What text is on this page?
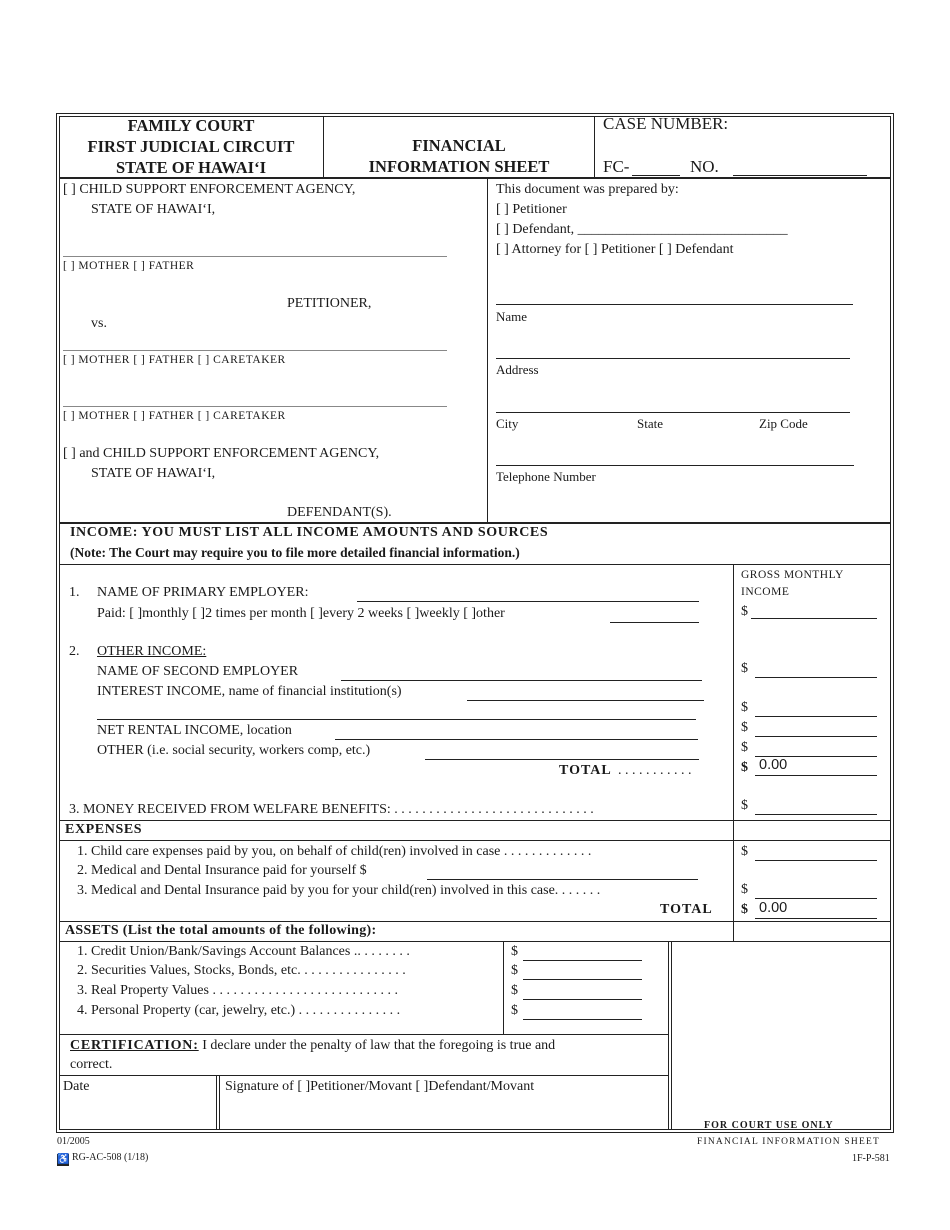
FAMILY COURT
FIRST JUDICIAL CIRCUIT
STATE OF HAWAIʻI
FINANCIAL
INFORMATION SHEET
CASE NUMBER:
FC-	NO.
[ ] CHILD SUPPORT ENFORCEMENT AGENCY,
STATE OF HAWAIʻI,
[ ] MOTHER [ ] FATHER
PETITIONER,
vs.
[ ] MOTHER [ ] FATHER [ ] CARETAKER
[ ] MOTHER [ ] FATHER [ ] CARETAKER
[ ] and CHILD SUPPORT ENFORCEMENT AGENCY,
STATE OF HAWAIʻI,
DEFENDANT(S).
This document was prepared by:
[ ] Petitioner
[ ] Defendant, ______________________________
[ ] Attorney for [ ] Petitioner [ ] Defendant
Name
Address
City	State	Zip Code
Telephone Number
INCOME: YOU MUST LIST ALL INCOME AMOUNTS AND SOURCES
(Note: The Court may require you to file more detailed financial information.)
GROSS MONTHLY
INCOME
1. NAME OF PRIMARY EMPLOYER:
Paid: [ ]monthly [ ]2 times per month [ ]every 2 weeks [ ]weekly [ ]other	$
2. OTHER INCOME:
NAME OF SECOND EMPLOYER	$
INTEREST INCOME, name of financial institution(s)
$
NET RENTAL INCOME, location	$
OTHER (i.e. social security, workers comp, etc.)	$
TOTAL . . . . . . . . . . .	$ 0.00
3. MONEY RECEIVED FROM WELFARE BENEFITS: . . . . . . . . . . . . . . . . . . . . . . . . . . . . .	$
EXPENSES
1. Child care expenses paid by you, on behalf of child(ren) involved in case . . . . . . . . . . . . .	$
2. Medical and Dental Insurance paid for yourself $
3. Medical and Dental Insurance paid by you for your child(ren) involved in this case. . . . . . .	$
TOTAL $ 0.00
ASSETS (List the total amounts of the following):
1. Credit Union/Bank/Savings Account Balances .. . . . . . . .	$
2. Securities Values, Stocks, Bonds, etc. . . . . . . . . . . . . . . .	$
3. Real Property Values . . . . . . . . . . . . . . . . . . . . . . . . . . .	$
4. Personal Property (car, jewelry, etc.) . . . . . . . . . . . . . . .	$
CERTIFICATION: I declare under the penalty of law that the foregoing is true and
correct.
Date	Signature of [ ]Petitioner/Movant [ ]Defendant/Movant
FOR COURT USE ONLY
01/2005
♿ RG-AC-508 (1/18)
FINANCIAL INFORMATION SHEET
1F-P-581
